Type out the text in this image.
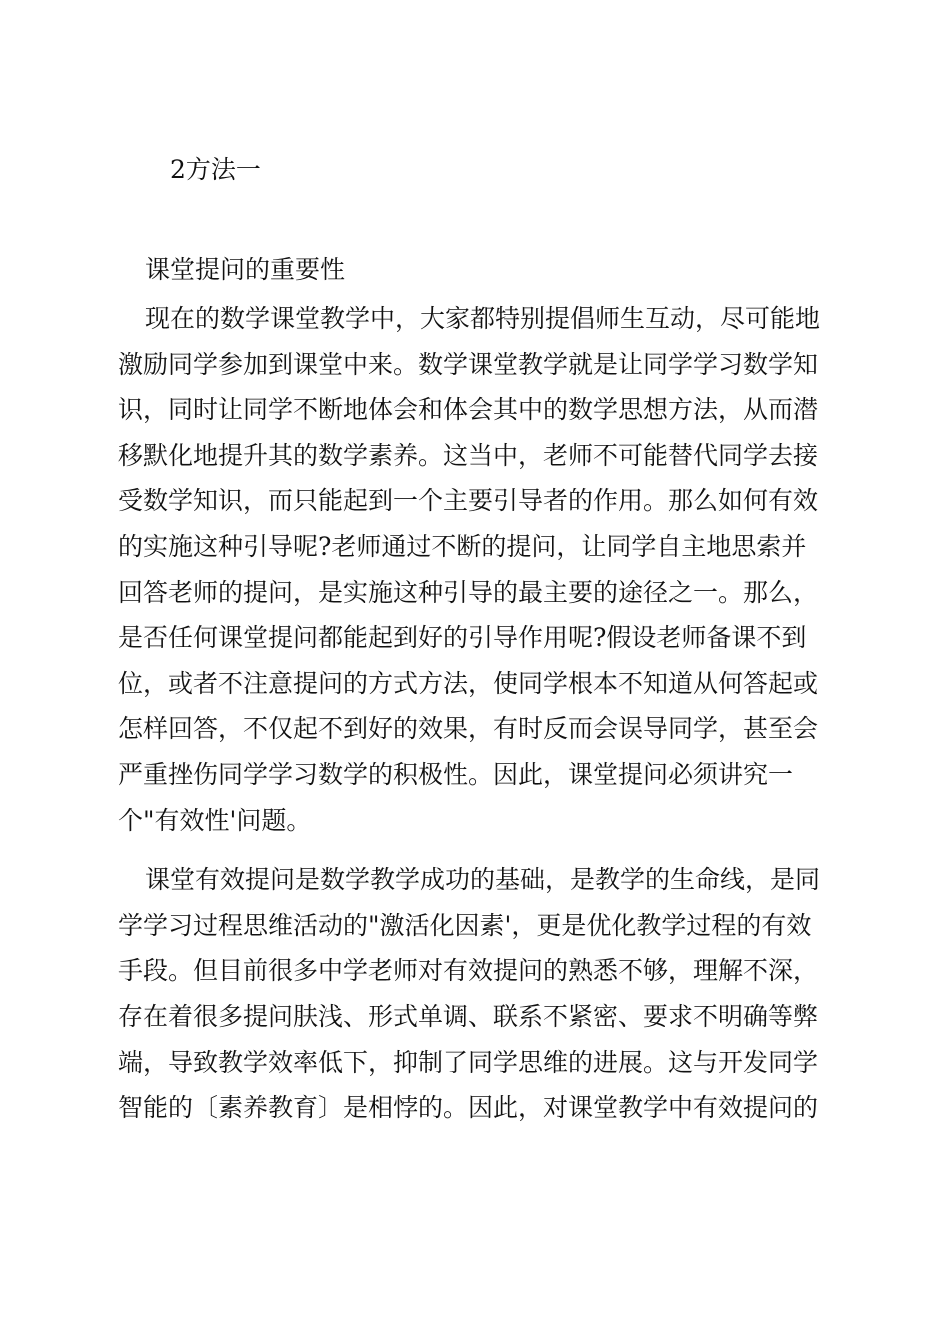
2方法一
课堂提问的重要性
现在的数学课堂教学中，大家都特别提倡师生互动，尽可能地
激励同学参加到课堂中来。数学课堂教学就是让同学学习数学知
识，同时让同学不断地体会和体会其中的数学思想方法，从而潜
移默化地提升其的数学素养。这当中，老师不可能替代同学去接
受数学知识，而只能起到一个主要引导者的作用。那么如何有效
的实施这种引导呢?老师通过不断的提问，让同学自主地思索并
回答老师的提问，是实施这种引导的最主要的途径之一。那么，
是否任何课堂提问都能起到好的引导作用呢?假设老师备课不到
位，或者不注意提问的方式方法，使同学根本不知道从何答起或
怎样回答，不仅起不到好的效果，有时反而会误导同学，甚至会
严重挫伤同学学习数学的积极性。因此，课堂提问必须讲究一
个"有效性'问题。
课堂有效提问是数学教学成功的基础，是教学的生命线，是同
学学习过程思维活动的"激活化因素'，更是优化教学过程的有效
手段。但目前很多中学老师对有效提问的熟悉不够，理解不深，
存在着很多提问肤浅、形式单调、联系不紧密、要求不明确等弊
端，导致教学效率低下，抑制了同学思维的进展。这与开发同学
智能的〔素养教育〕是相悖的。因此，对课堂教学中有效提问的
